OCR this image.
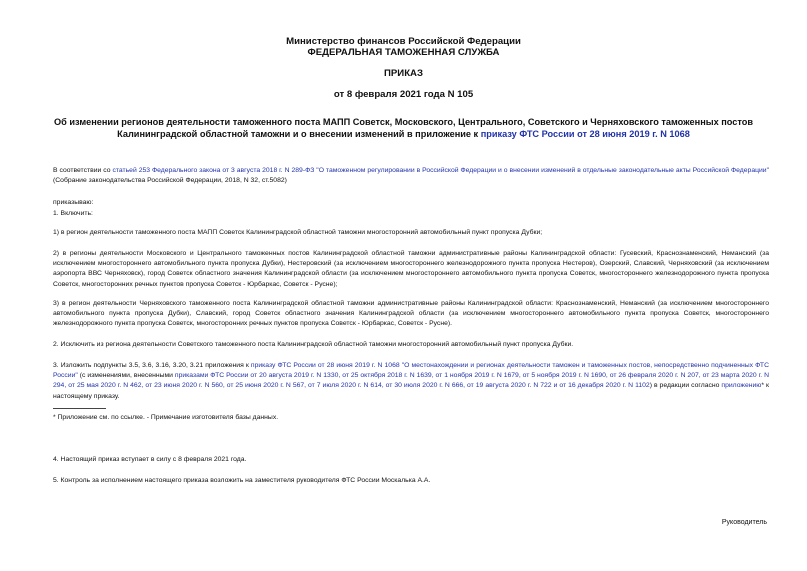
Министерство финансов Российской Федерации
ФЕДЕРАЛЬНАЯ ТАМОЖЕННАЯ СЛУЖБА
ПРИКАЗ
от 8 февраля 2021 года N 105
Об изменении регионов деятельности таможенного поста МАПП Советск, Московского, Центрального, Советского и Черняховского таможенных постов
Калининградской областной таможни и о внесении изменений в приложение к приказу ФТС России от 28 июня 2019 г. N 1068
В соответствии со статьей 253 Федерального закона от 3 августа 2018 г. N 289-ФЗ "О таможенном регулировании в Российской Федерации и о внесении изменений в отдельные законодательные акты Российской Федерации" (Собрание законодательства Российской Федерации, 2018, N 32, ст.5082)
приказываю:
1. Включить:
1) в регион деятельности таможенного поста МАПП Советск Калининградской областной таможни многосторонний автомобильный пункт пропуска Дубки;
2) в регионы деятельности Московского и Центрального таможенных постов Калининградской областной таможни административные районы Калининградской области: Гусевский, Краснознаменский, Неманский (за исключением многостороннего автомобильного пункта пропуска Дубки), Нестеровский (за исключением многостороннего железнодорожного пункта пропуска Нестеров), Озерский, Славский, Черняховский (за исключением аэропорта ВВС Черняховск), город Советск областного значения Калининградской области (за исключением многостороннего автомобильного пункта пропуска Советск, многостороннего железнодорожного пункта пропуска Советск, многосторонних речных пунктов пропуска Советск - Юрбаркас, Советск - Русне);
3) в регион деятельности Черняховского таможенного поста Калининградской областной таможни административные районы Калининградской области: Краснознаменский, Неманский (за исключением многостороннего автомобильного пункта пропуска Дубки), Славский, город Советск областного значения Калининградской области (за исключением многостороннего автомобильного пункта пропуска Советск, многостороннего железнодорожного пункта пропуска Советск, многосторонних речных пунктов пропуска Советск - Юрбаркас, Советск - Русне).
2. Исключить из региона деятельности Советского таможенного поста Калининградской областной таможни многосторонний автомобильный пункт пропуска Дубки.
3. Изложить подпункты 3.5, 3.6, 3.16, 3.20, 3.21 приложения к приказу ФТС России от 28 июня 2019 г. N 1068 "О местонахождении и регионах деятельности таможен и таможенных постов, непосредственно подчиненных ФТС России" (с изменениями, внесенными приказами ФТС России от 20 августа 2019 г. N 1330, от 25 октября 2018 г. N 1639, от 1 ноября 2019 г. N 1679, от 5 ноября 2019 г. N 1690, от 26 февраля 2020 г. N 207, от 23 марта 2020 г. N 294, от 25 мая 2020 г. N 462, от 23 июня 2020 г. N 560, от 25 июня 2020 г. N 567, от 7 июля 2020 г. N 614, от 30 июля 2020 г. N 666, от 19 августа 2020 г. N 722 и от 16 декабря 2020 г. N 1102) в редакции согласно приложению* к настоящему приказу.
* Приложение см. по ссылке. - Примечание изготовителя базы данных.
4. Настоящий приказ вступает в силу с 8 февраля 2021 года.
5. Контроль за исполнением настоящего приказа возложить на заместителя руководителя ФТС России Москалька А.А.
Руководитель
